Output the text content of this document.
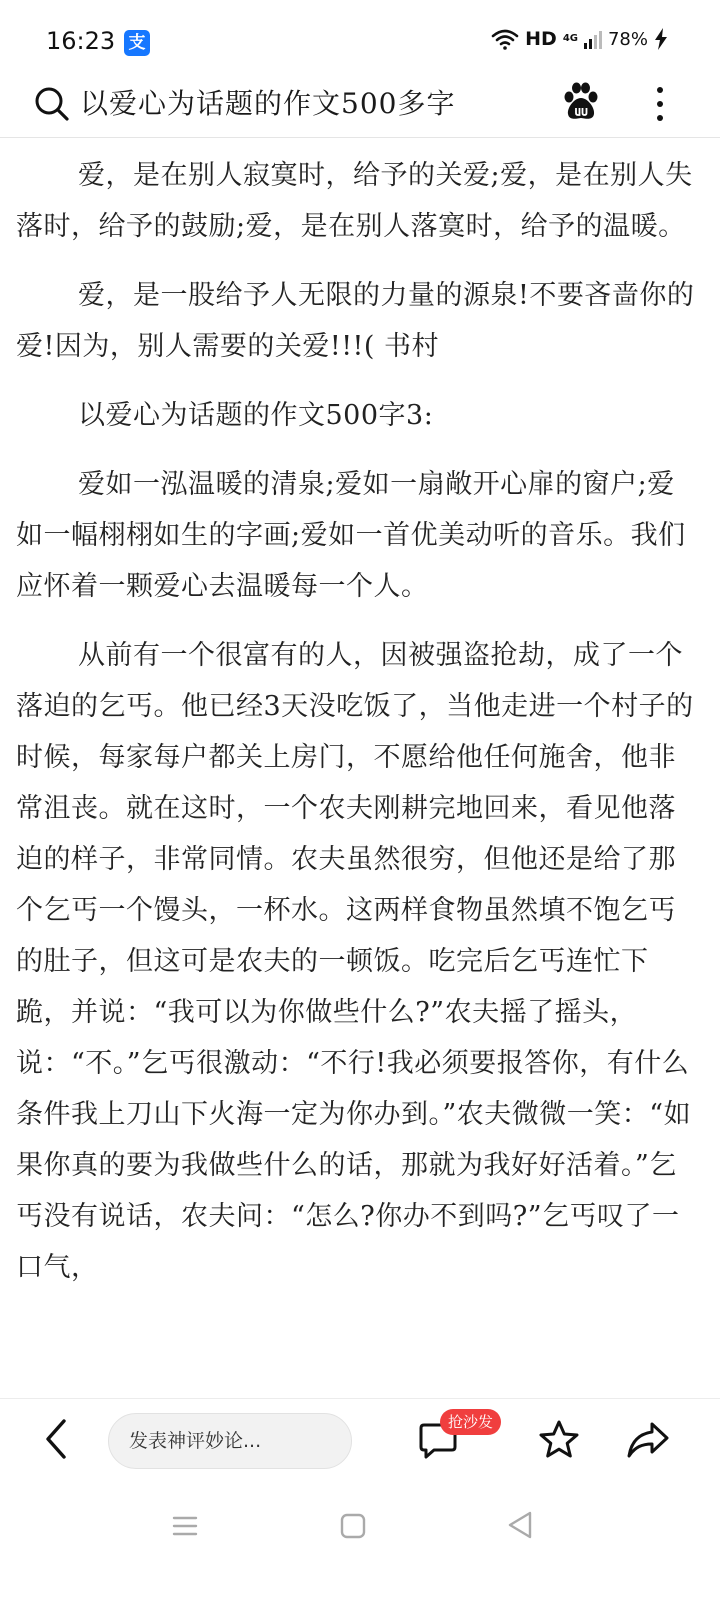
16:23 支	HD 4G 78%
以爱心为话题的作文500多字

爱，是在别人寂寞时，给予的关爱;爱，是在别人失落时，给予的鼓励;爱，是在别人落寞时，给予的温暖。

爱，是一股给予人无限的力量的源泉!不要吝啬你的爱!因为，别人需要的关爱!!!( 书村

以爱心为话题的作文500字3:

爱如一泓温暖的清泉;爱如一扇敞开心扉的窗户;爱如一幅栩栩如生的字画;爱如一首优美动听的音乐。我们应怀着一颗爱心去温暖每一个人。

从前有一个很富有的人，因被强盗抢劫，成了一个落迫的乞丐。他已经3天没吃饭了，当他走进一个村子的时候，每家每户都关上房门，不愿给他任何施舍，他非常沮丧。就在这时，一个农夫刚耕完地回来，看见他落迫的样子，非常同情。农夫虽然很穷，但他还是给了那个乞丐一个馒头，一杯水。这两样食物虽然填不饱乞丐的肚子，但这可是农夫的一顿饭。吃完后乞丐连忙下跪，并说：“我可以为你做些什么?”农夫摇了摇头，说：“不。”乞丐很激动：“不行!我必须要报答你，有什么条件我上刀山下火海一定为你办到。”农夫微微一笑：“如果你真的要为我做些什么的话，那就为我好好活着。”乞丐没有说话，农夫问：“怎么?你办不到吗?”乞丐叹了一口气，

发表神评妙论...
抢沙发
